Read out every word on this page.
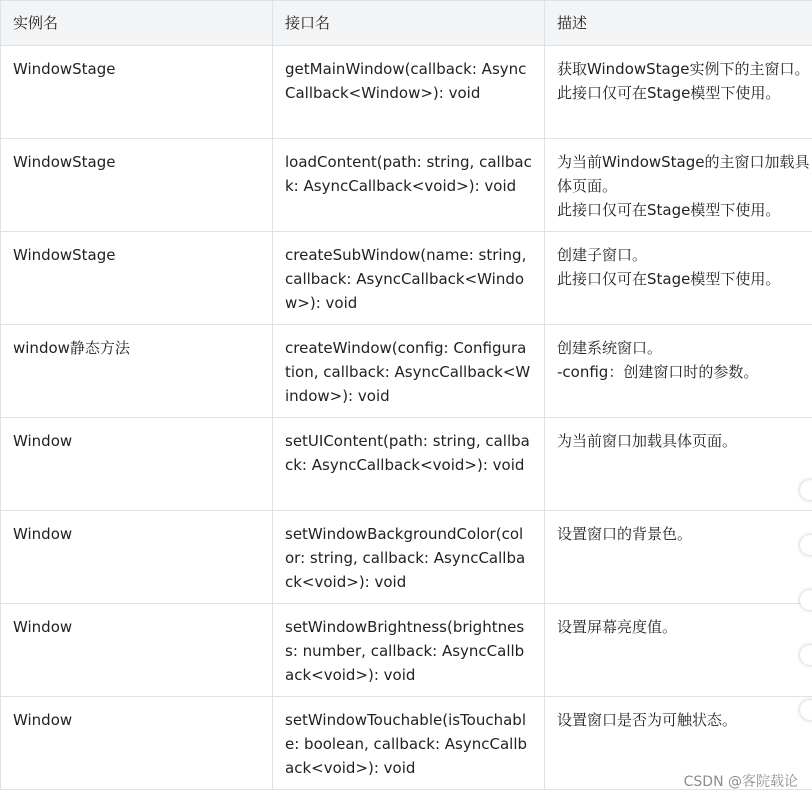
实例名	接口名	描述
WindowStage	getMainWindow(callback: AsyncCallback<Window>): void	获取WindowStage实例下的主窗口。
此接口仅可在Stage模型下使用。

WindowStage	loadContent(path: string, callback: AsyncCallback<void>): void	为当前WindowStage的主窗口加载具体页面。
此接口仅可在Stage模型下使用。

WindowStage	createSubWindow(name: string, callback: AsyncCallback<Window>): void	创建子窗口。
此接口仅可在Stage模型下使用。

window静态方法	createWindow(config: Configuration, callback: AsyncCallback<Window>): void	创建系统窗口。
-config：创建窗口时的参数。

Window	setUIContent(path: string, callback: AsyncCallback<void>): void	为当前窗口加载具体页面。

Window	setWindowBackgroundColor(color: string, callback: AsyncCallback<void>): void	设置窗口的背景色。

Window	setWindowBrightness(brightness: number, callback: AsyncCallback<void>): void	设置屏幕亮度值。

Window	setWindowTouchable(isTouchable: boolean, callback: AsyncCallback<void>): void	设置窗口是否为可触状态。
CSDN @客院载论
